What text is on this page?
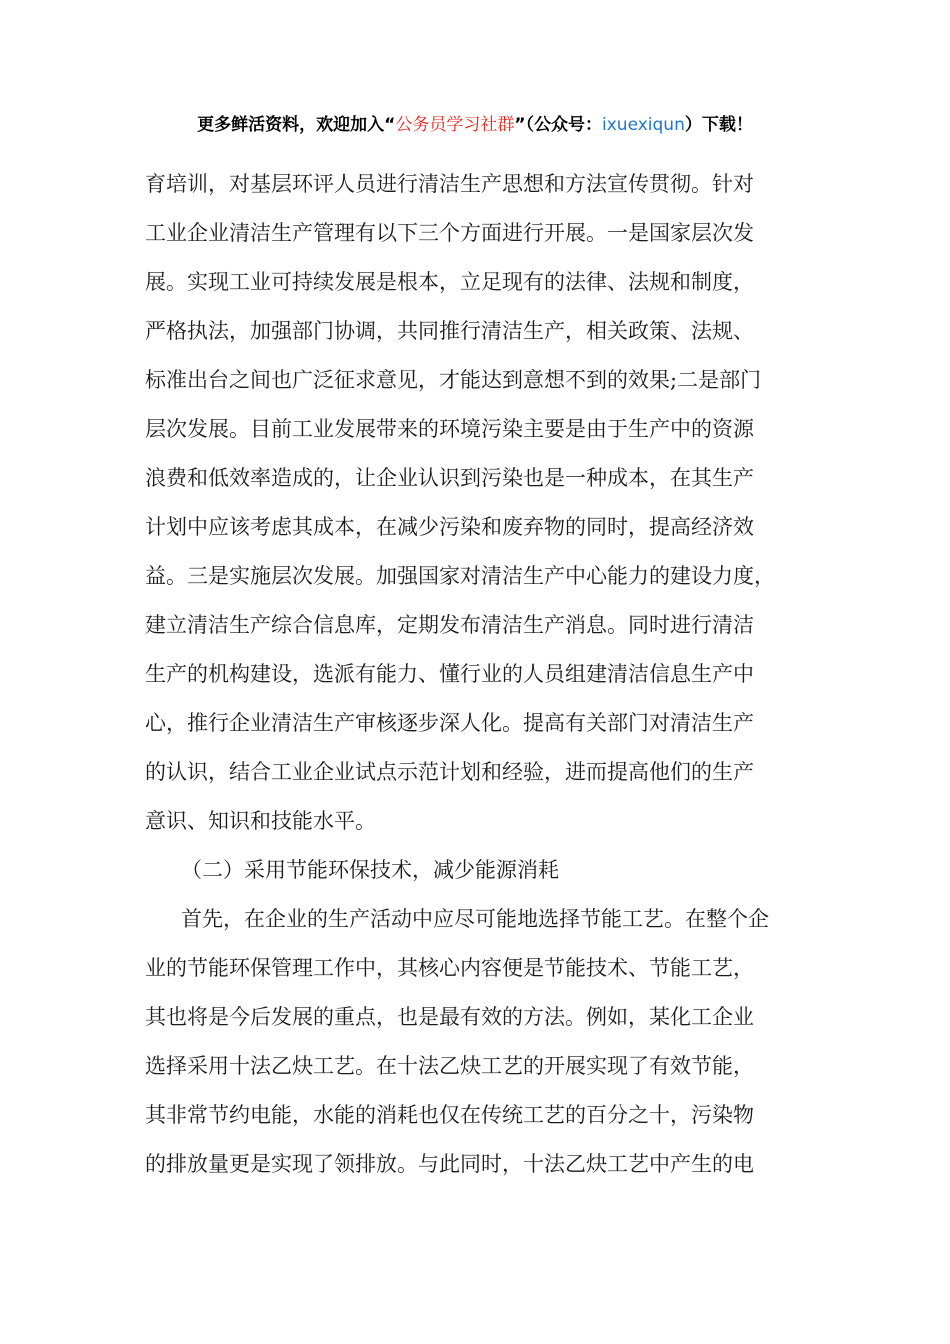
更多鲜活资料，欢迎加入“公务员学习社群”（公众号：ixuexiqun）下载！
育培训，对基层环评人员进行清洁生产思想和方法宣传贯彻。针对
工业企业清洁生产管理有以下三个方面进行开展。一是国家层次发
展。实现工业可持续发展是根本，立足现有的法律、法规和制度，
严格执法，加强部门协调，共同推行清洁生产，相关政策、法规、
标准出台之间也广泛征求意见，才能达到意想不到的效果;二是部门
层次发展。目前工业发展带来的环境污染主要是由于生产中的资源
浪费和低效率造成的，让企业认识到污染也是一种成本，在其生产
计划中应该考虑其成本，在减少污染和废弃物的同时，提高经济效
益。三是实施层次发展。加强国家对清洁生产中心能力的建设力度，
建立清洁生产综合信息库，定期发布清洁生产消息。同时进行清洁
生产的机构建设，选派有能力、懂行业的人员组建清洁信息生产中
心，推行企业清洁生产审核逐步深人化。提高有关部门对清洁生产
的认识，结合工业企业试点示范计划和经验，进而提高他们的生产
意识、知识和技能水平。
（二）采用节能环保技术，减少能源消耗
首先，在企业的生产活动中应尽可能地选择节能工艺。在整个企
业的节能环保管理工作中，其核心内容便是节能技术、节能工艺，
其也将是今后发展的重点，也是最有效的方法。例如，某化工企业
选择采用十法乙炔工艺。在十法乙炔工艺的开展实现了有效节能，
其非常节约电能，水能的消耗也仅在传统工艺的百分之十，污染物
的排放量更是实现了领排放。与此同时，十法乙炔工艺中产生的电
